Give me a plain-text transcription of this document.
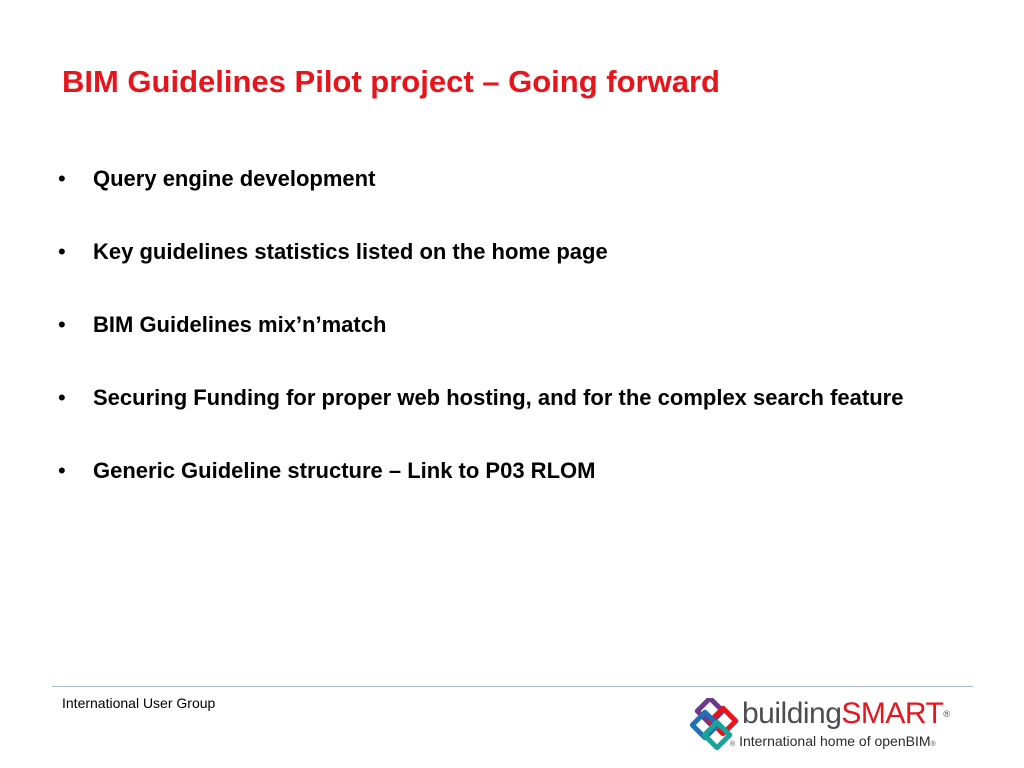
BIM Guidelines Pilot project – Going forward
• Query engine development
• Key guidelines statistics listed on the home page
• BIM Guidelines mix’n’match
• Securing Funding for proper web hosting, and for the complex search feature
• Generic Guideline structure – Link to P03 RLOM
International User Group	buildingSMART®
® International home of openBIM®
